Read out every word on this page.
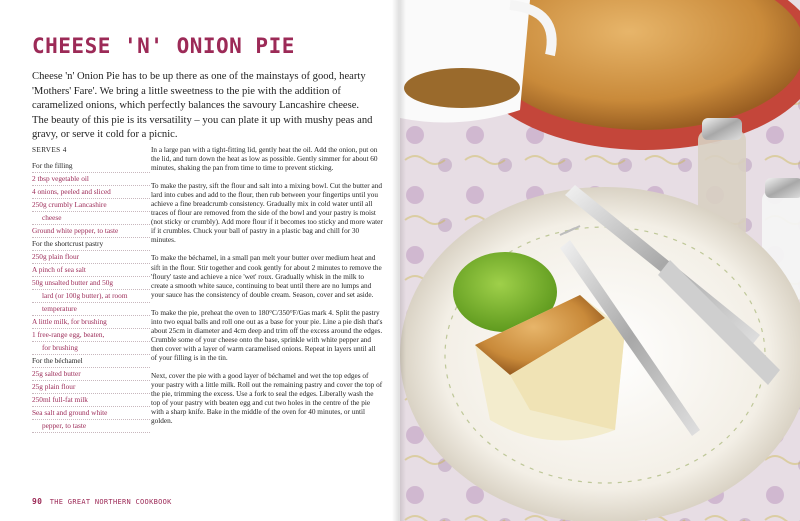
CHEESE 'N' ONION PIE

Cheese 'n' Onion Pie has to be up there as one of the mainstays of good, hearty 'Mothers' Fare'. We bring a little sweetness to the pie with the addition of caramelized onions, which perfectly balances the savoury Lancashire cheese. The beauty of this pie is its versatility – you can plate it up with mushy peas and gravy, or serve it cold for a picnic.

SERVES 4
For the filling
2 tbsp vegetable oil
4 onions, peeled and sliced
250g crumbly Lancashire
cheese
Ground white pepper, to taste
For the shortcrust pastry
250g plain flour
A pinch of sea salt
50g unsalted butter and 50g
lard (or 100g butter), at room
temperature
A little milk, for brushing
1 free-range egg, beaten,
for brushing
For the béchamel
25g salted butter
25g plain flour
250ml full-fat milk
Sea salt and ground white
pepper, to taste

In a large pan with a tight-fitting lid, gently heat the oil. Add the onion, put on the lid, and turn down the heat as low as possible. Gently simmer for about 60 minutes, shaking the pan from time to time to prevent sticking.

To make the pastry, sift the flour and salt into a mixing bowl. Cut the butter and lard into cubes and add to the flour, then rub between your fingertips until you achieve a fine breadcrumb consistency. Gradually mix in cold water until all traces of flour are removed from the side of the bowl and your pastry is moist (not sticky or crumbly). Add more flour if it becomes too sticky and more water if it crumbles. Chuck your ball of pastry in a plastic bag and chill for 30 minutes.

To make the béchamel, in a small pan melt your butter over medium heat and sift in the flour. Stir together and cook gently for about 2 minutes to remove the 'floury' taste and achieve a nice 'wet' roux. Gradually whisk in the milk to create a smooth white sauce, continuing to beat until there are no lumps and your sauce has the consistency of double cream. Season, cover and set aside.

To make the pie, preheat the oven to 180°C/350°F/Gas mark 4. Split the pastry into two equal balls and roll one out as a base for your pie. Line a pie dish that's about 25cm in diameter and 4cm deep and trim off the excess around the edges. Crumble some of your cheese onto the base, sprinkle with white pepper and then cover with a layer of warm caramelised onions. Repeat in layers until all of your filling is in the tin.

Next, cover the pie with a good layer of béchamel and wet the top edges of your pastry with a little milk. Roll out the remaining pastry and cover the top of the pie, trimming the excess. Use a fork to seal the edges. Liberally wash the top of your pastry with beaten egg and cut two holes in the centre of the pie with a sharp knife. Bake in the middle of the oven for 40 minutes, or until golden.

90 THE GREAT NORTHERN COOKBOOK
